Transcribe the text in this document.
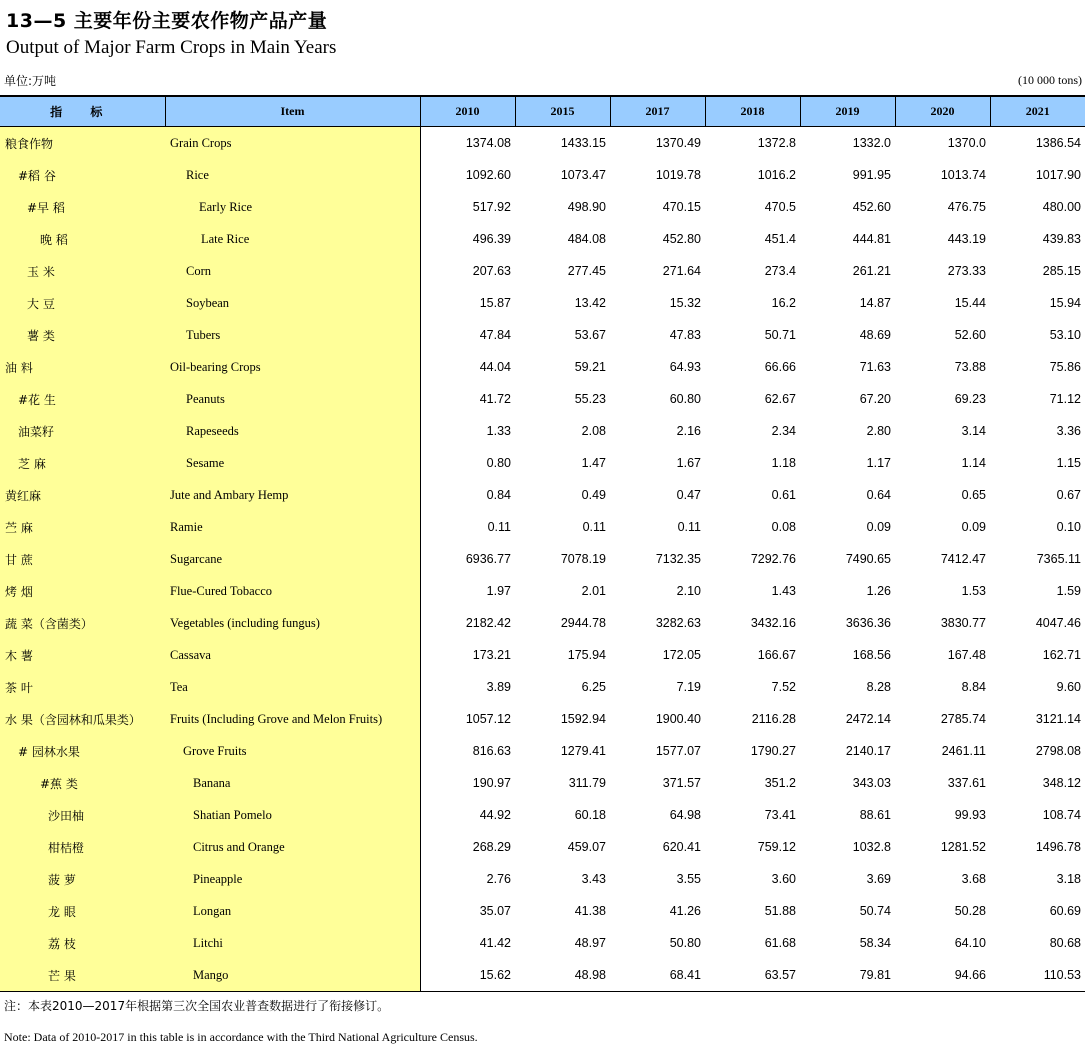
13—5 主要年份主要农作物产品产量
Output of Major Farm Crops in Main Years
单位:万吨	(10 000 tons)
指 标	Item	2010	2015	2017	2018	2019	2020	2021
粮食作物	Grain Crops	1374.08	1433.15	1370.49	1372.8	1332.0	1370.0	1386.54
#稻 谷	Rice	1092.60	1073.47	1019.78	1016.2	991.95	1013.74	1017.90
#早 稻	Early Rice	517.92	498.90	470.15	470.5	452.60	476.75	480.00
晚 稻	Late Rice	496.39	484.08	452.80	451.4	444.81	443.19	439.83
玉 米	Corn	207.63	277.45	271.64	273.4	261.21	273.33	285.15
大 豆	Soybean	15.87	13.42	15.32	16.2	14.87	15.44	15.94
薯 类	Tubers	47.84	53.67	47.83	50.71	48.69	52.60	53.10
油 料	Oil-bearing Crops	44.04	59.21	64.93	66.66	71.63	73.88	75.86
#花 生	Peanuts	41.72	55.23	60.80	62.67	67.20	69.23	71.12
油菜籽	Rapeseeds	1.33	2.08	2.16	2.34	2.80	3.14	3.36
芝 麻	Sesame	0.80	1.47	1.67	1.18	1.17	1.14	1.15
黄红麻	Jute and Ambary Hemp	0.84	0.49	0.47	0.61	0.64	0.65	0.67
苎 麻	Ramie	0.11	0.11	0.11	0.08	0.09	0.09	0.10
甘 蔗	Sugarcane	6936.77	7078.19	7132.35	7292.76	7490.65	7412.47	7365.11
烤 烟	Flue-Cured Tobacco	1.97	2.01	2.10	1.43	1.26	1.53	1.59
蔬 菜（含菌类）	Vegetables (including fungus)	2182.42	2944.78	3282.63	3432.16	3636.36	3830.77	4047.46
木 薯	Cassava	173.21	175.94	172.05	166.67	168.56	167.48	162.71
茶 叶	Tea	3.89	6.25	7.19	7.52	8.28	8.84	9.60
水 果（含园林和瓜果类）	Fruits (Including Grove and Melon Fruits)	1057.12	1592.94	1900.40	2116.28	2472.14	2785.74	3121.14
# 园林水果	Grove Fruits	816.63	1279.41	1577.07	1790.27	2140.17	2461.11	2798.08
#蕉 类	Banana	190.97	311.79	371.57	351.2	343.03	337.61	348.12
沙田柚	Shatian Pomelo	44.92	60.18	64.98	73.41	88.61	99.93	108.74
柑桔橙	Citrus and Orange	268.29	459.07	620.41	759.12	1032.8	1281.52	1496.78
菠 萝	Pineapple	2.76	3.43	3.55	3.60	3.69	3.68	3.18
龙 眼	Longan	35.07	41.38	41.26	51.88	50.74	50.28	60.69
荔 枝	Litchi	41.42	48.97	50.80	61.68	58.34	64.10	80.68
芒 果	Mango	15.62	48.98	68.41	63.57	79.81	94.66	110.53
注：本表2010—2017年根据第三次全国农业普查数据进行了衔接修订。
Note: Data of 2010-2017 in this table is in accordance with the Third National Agriculture Census.
